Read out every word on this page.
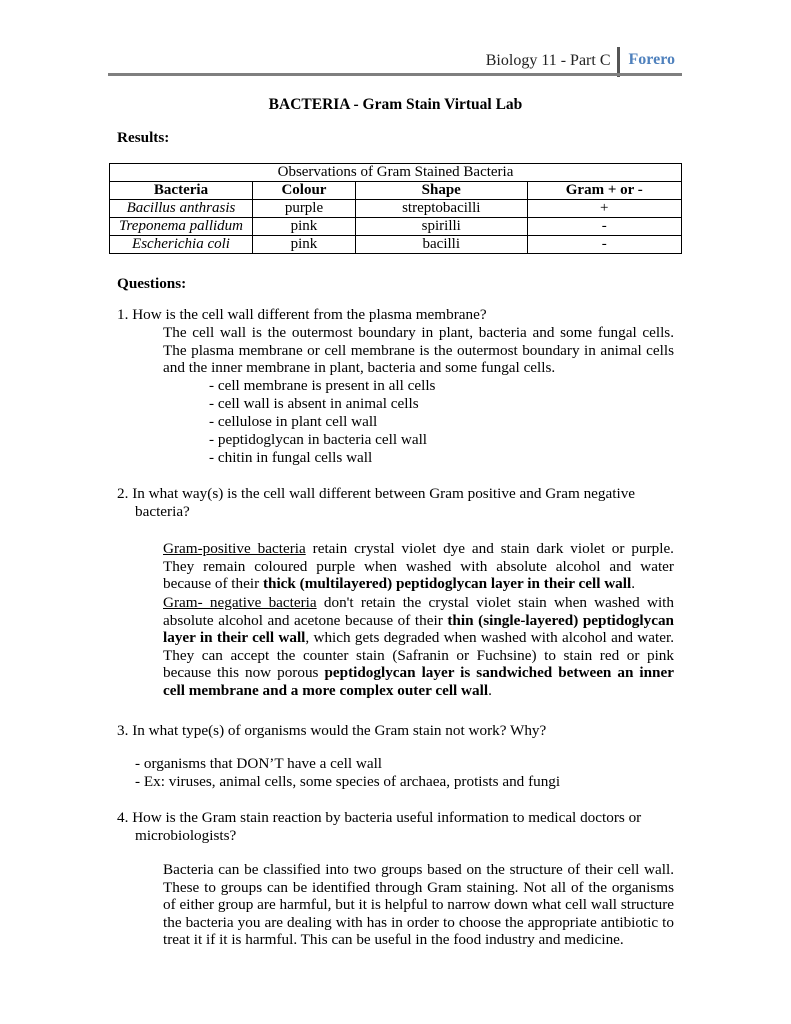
Biology 11 - Part C	Forero
BACTERIA - Gram Stain Virtual Lab
Results:
Observations of Gram Stained Bacteria			
Bacteria	Colour	Shape	Gram + or -
Bacillus anthrasis	purple	streptobacilli	+
Treponema pallidum	pink	spirilli	-
Escherichia coli	pink	bacilli	-
Questions:
1. How is the cell wall different from the plasma membrane?
The cell wall is the outermost boundary in plant, bacteria and some fungal cells. The plasma membrane or cell membrane is the outermost boundary in animal cells and the inner membrane in plant, bacteria and some fungal cells.
- cell membrane is present in all cells
- cell wall is absent in animal cells
- cellulose in plant cell wall
- peptidoglycan in bacteria cell wall
- chitin in fungal cells wall
2. In what way(s) is the cell wall different between Gram positive and Gram negative
bacteria?
Gram-positive bacteria retain crystal violet dye and stain dark violet or purple. They remain coloured purple when washed with absolute alcohol and water because of their thick (multilayered) peptidoglycan layer in their cell wall.
Gram- negative bacteria don't retain the crystal violet stain when washed with absolute alcohol and acetone because of their thin (single-layered) peptidoglycan layer in their cell wall, which gets degraded when washed with alcohol and water. They can accept the counter stain (Safranin or Fuchsine) to stain red or pink because this now porous peptidoglycan layer is sandwiched between an inner cell membrane and a more complex outer cell wall.
3. In what type(s) of organisms would the Gram stain not work? Why?
- organisms that DON’T have a cell wall
- Ex: viruses, animal cells, some species of archaea, protists and fungi
4. How is the Gram stain reaction by bacteria useful information to medical doctors or
microbiologists?
Bacteria can be classified into two groups based on the structure of their cell wall. These to groups can be identified through Gram staining. Not all of the organisms of either group are harmful, but it is helpful to narrow down what cell wall structure the bacteria you are dealing with has in order to choose the appropriate antibiotic to treat it if it is harmful. This can be useful in the food industry and medicine.
